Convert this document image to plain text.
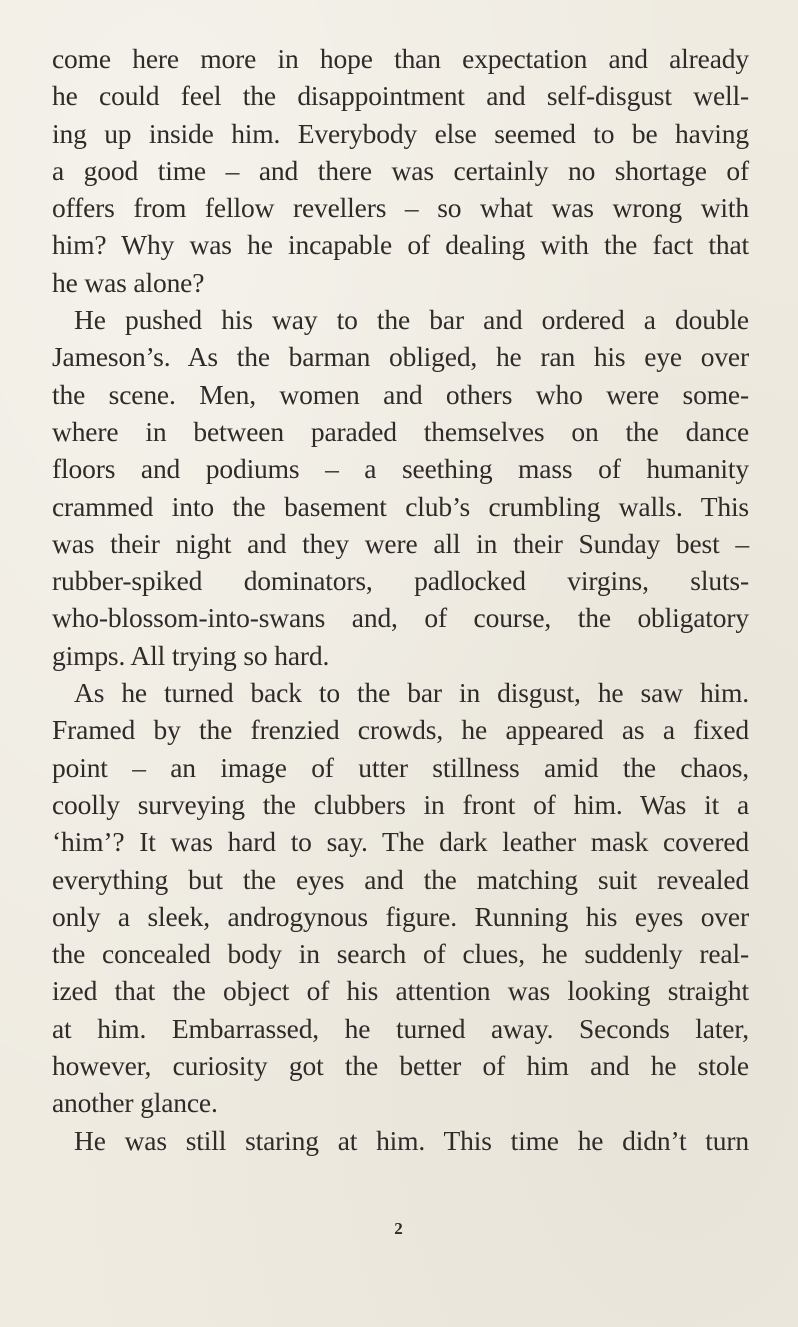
come here more in hope than expectation and already
he could feel the disappointment and self-disgust well-
ing up inside him. Everybody else seemed to be having
a good time – and there was certainly no shortage of
offers from fellow revellers – so what was wrong with
him? Why was he incapable of dealing with the fact that
he was alone?
He pushed his way to the bar and ordered a double
Jameson’s. As the barman obliged, he ran his eye over
the scene. Men, women and others who were some-
where in between paraded themselves on the dance
floors and podiums – a seething mass of humanity
crammed into the basement club’s crumbling walls. This
was their night and they were all in their Sunday best –
rubber-spiked dominators, padlocked virgins, sluts-
who-blossom-into-swans and, of course, the obligatory
gimps. All trying so hard.
As he turned back to the bar in disgust, he saw him.
Framed by the frenzied crowds, he appeared as a fixed
point – an image of utter stillness amid the chaos,
coolly surveying the clubbers in front of him. Was it a
‘him’? It was hard to say. The dark leather mask covered
everything but the eyes and the matching suit revealed
only a sleek, androgynous figure. Running his eyes over
the concealed body in search of clues, he suddenly real-
ized that the object of his attention was looking straight
at him. Embarrassed, he turned away. Seconds later,
however, curiosity got the better of him and he stole
another glance.
He was still staring at him. This time he didn’t turn
2
